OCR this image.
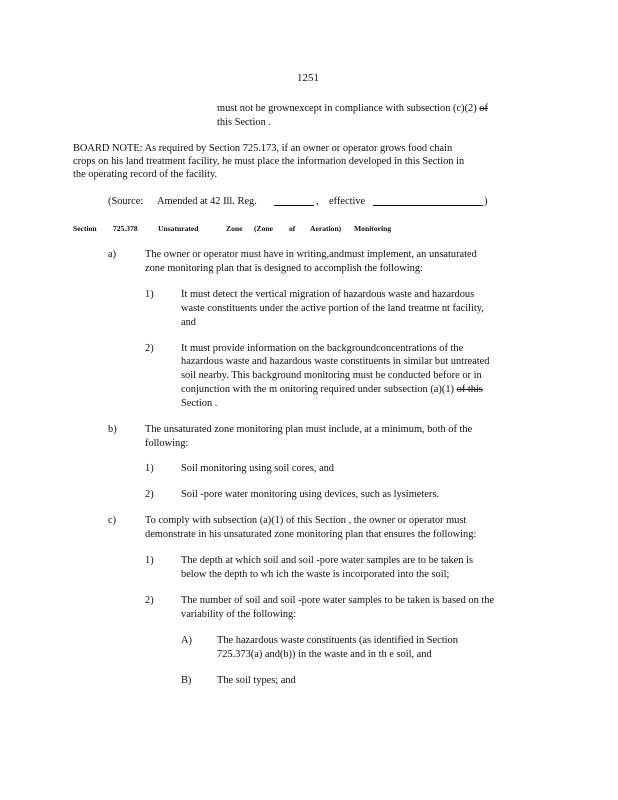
1251
must not be grownexcept in compliance with subsection (c)(2) of
this Section .
BOARD NOTE: As required by Section 725.173, if an owner or operator grows food chain
crops on his land treatment facility, he must place the information developed in this Section in
the operating record of the facility.
(Source: Amended at 42 Ill. Reg.	, effective	)
Section 725.378	Unsaturated	Zone (Zone of Aeration) Monitoring
a)	The owner or operator must have in writing,andmust implement, an unsaturated
zone monitoring plan that is designed to accomplish the following:
1)	It must detect the vertical migration of hazardous waste and hazardous
waste constituents under the active portion of the land treatme nt facility,
and
2)	It must provide information on the backgroundconcentrations of the
hazardous waste and hazardous waste constituents in similar but untreated
soil nearby. This background monitoring must be conducted before or in
conjunction with the m onitoring required under subsection (a)(1) of this
Section .
b)	The unsaturated zone monitoring plan must include, at a minimum, both of the
following:
1)	Soil monitoring using soil cores, and
2)	Soil -pore water monitoring using devices, such as lysimeters.
c)	To comply with subsection (a)(1) of this Section , the owner or operator must
demonstrate in his unsaturated zone monitoring plan that ensures the following:
1)	The depth at which soil and soil -pore water samples are to be taken is
below the depth to wh ich the waste is incorporated into the soil;
2)	The number of soil and soil -pore water samples to be taken is based on the
variability of the following:
A) The hazardous waste constituents (as identified in Section
725.373(a) and(b)) in the waste and in th e soil, and
B) The soil types; and
